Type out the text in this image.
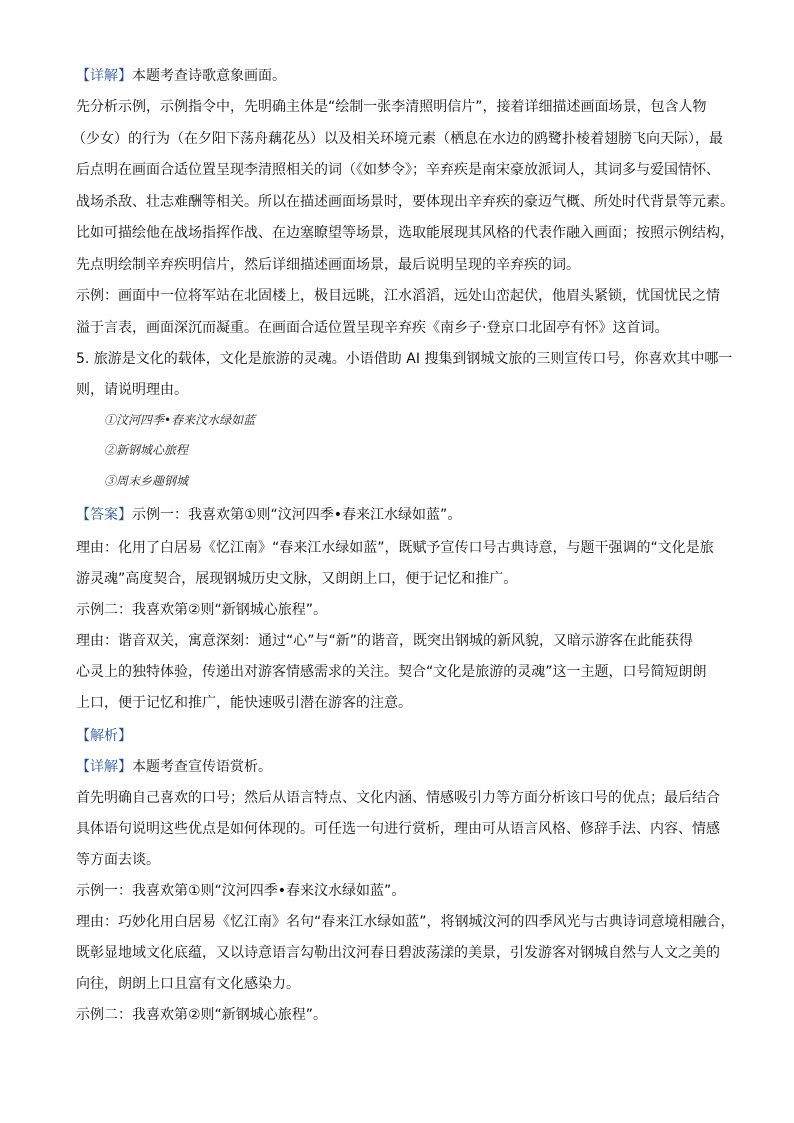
【详解】本题考查诗歌意象画面。
先分析示例，示例指令中，先明确主体是“绘制一张李清照明信片”，接着详细描述画面场景，包含人物
（少女）的行为（在夕阳下荡舟藕花丛）以及相关环境元素（栖息在水边的鸥鹭扑棱着翅膀飞向天际），最
后点明在画面合适位置呈现李清照相关的词（《如梦令》；辛弃疾是南宋豪放派词人，其词多与爱国情怀、
战场杀敌、壮志难酬等相关。所以在描述画面场景时，要体现出辛弃疾的豪迈气概、所处时代背景等元素。
比如可描绘他在战场指挥作战、在边塞瞭望等场景，选取能展现其风格的代表作融入画面；按照示例结构，
先点明绘制辛弃疾明信片，然后详细描述画面场景，最后说明呈现的辛弃疾的词。
示例：画面中一位将军站在北固楼上，极目远眺，江水滔滔，远处山峦起伏，他眉头紧锁，忧国忧民之情
溢于言表，画面深沉而凝重。在画面合适位置呈现辛弃疾《南乡子·登京口北固亭有怀》这首词。
5. 旅游是文化的载体，文化是旅游的灵魂。小语借助 AI 搜集到钢城文旅的三则宣传口号，你喜欢其中哪一
则，请说明理由。
①汶河四季•春来汶水绿如蓝
②新钢城心旅程
③周末乡趣钢城
【答案】示例一：我喜欢第①则“汶河四季•春来江水绿如蓝”。
理由：化用了白居易《忆江南》“春来江水绿如蓝”，既赋予宣传口号古典诗意，与题干强调的“文化是旅
游灵魂”高度契合，展现钢城历史文脉，又朗朗上口，便于记忆和推广。
示例二：我喜欢第②则“新钢城心旅程”。
理由：谐音双关，寓意深刻：通过“心”与“新”的谐音，既突出钢城的新风貌，又暗示游客在此能获得
心灵上的独特体验，传递出对游客情感需求的关注。契合“文化是旅游的灵魂”这一主题，口号简短朗朗
上口，便于记忆和推广，能快速吸引潜在游客的注意。
【解析】
【详解】本题考查宣传语赏析。
首先明确自己喜欢的口号；然后从语言特点、文化内涵、情感吸引力等方面分析该口号的优点；最后结合
具体语句说明这些优点是如何体现的。可任选一句进行赏析，理由可从语言风格、修辞手法、内容、情感
等方面去谈。
示例一：我喜欢第①则“汶河四季•春来汶水绿如蓝”。
理由：巧妙化用白居易《忆江南》名句“春来江水绿如蓝”，将钢城汶河的四季风光与古典诗词意境相融合，
既彰显地域文化底蕴，又以诗意语言勾勒出汶河春日碧波荡漾的美景，引发游客对钢城自然与人文之美的
向往，朗朗上口且富有文化感染力。
示例二：我喜欢第②则“新钢城心旅程”。
